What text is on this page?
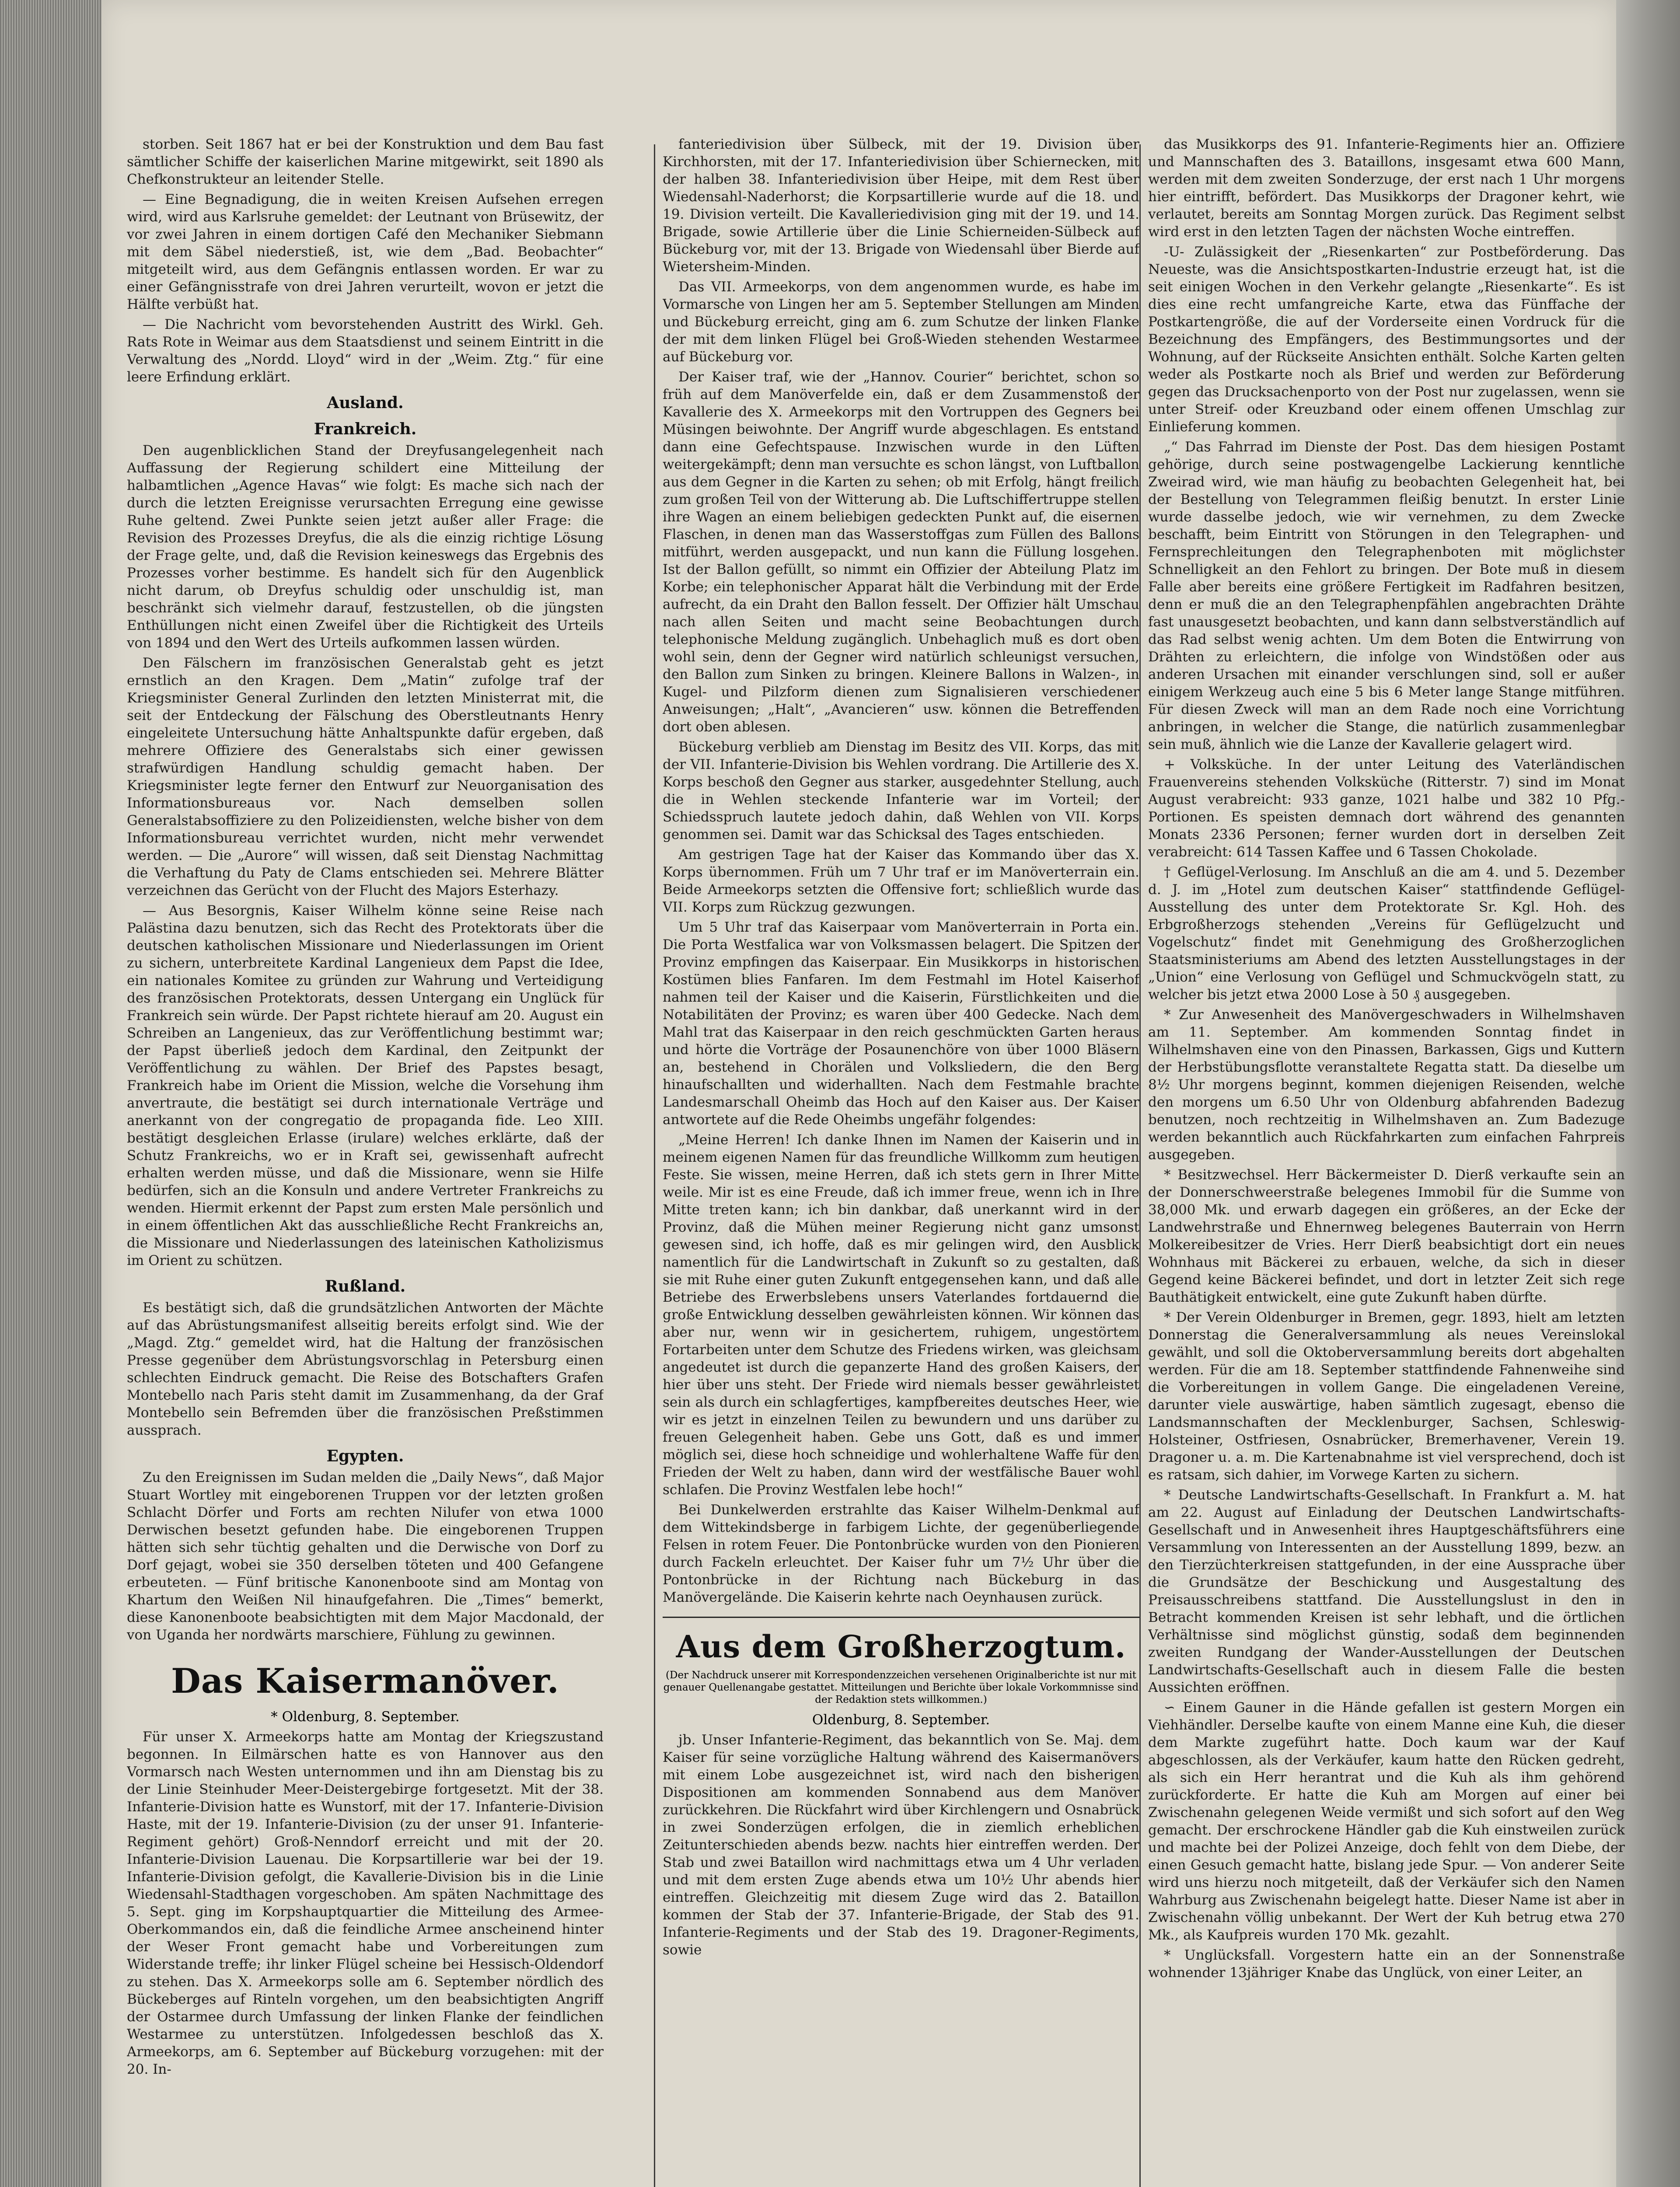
storben. Seit 1867 hat er bei der Konstruktion und dem Bau fast sämtlicher Schiffe der kaiserlichen Marine mitgewirkt, seit 1890 als Chefkonstrukteur an leitender Stelle.

— Eine Begnadigung, die in weiten Kreisen Aufsehen erregen wird, wird aus Karlsruhe gemeldet: der Leutnant von Brüsewitz, der vor zwei Jahren in einem dortigen Café den Mechaniker Siebmann mit dem Säbel niederstieß, ist, wie dem „Bad. Beobachter“ mitgeteilt wird, aus dem Gefängnis entlassen worden. Er war zu einer Gefängnisstrafe von drei Jahren verurteilt, wovon er jetzt die Hälfte verbüßt hat.

— Die Nachricht vom bevorstehenden Austritt des Wirkl. Geh. Rats Rote in Weimar aus dem Staatsdienst und seinem Eintritt in die Verwaltung des „Nordd. Lloyd“ wird in der „Weim. Ztg.“ für eine leere Erfindung erklärt.

Ausland.
Frankreich.

Den augenblicklichen Stand der Dreyfusangelegenheit nach Auffassung der Regierung schildert eine Mitteilung der halbamtlichen „Agence Havas“ wie folgt: Es mache sich nach der durch die letzten Ereignisse verursachten Erregung eine gewisse Ruhe geltend. Zwei Punkte seien jetzt außer aller Frage: die Revision des Prozesses Dreyfus, die als die einzig richtige Lösung der Frage gelte, und, daß die Revision keineswegs das Ergebnis des Prozesses vorher bestimme. Es handelt sich für den Augenblick nicht darum, ob Dreyfus schuldig oder unschuldig ist, man beschränkt sich vielmehr darauf, festzustellen, ob die jüngsten Enthüllungen nicht einen Zweifel über die Richtigkeit des Urteils von 1894 und den Wert des Urteils aufkommen lassen würden.

Den Fälschern im französischen Generalstab geht es jetzt ernstlich an den Kragen. Dem „Matin“ zufolge traf der Kriegsminister General Zurlinden den letzten Ministerrat mit, die seit der Entdeckung der Fälschung des Oberstleutnants Henry eingeleitete Untersuchung hätte Anhaltspunkte dafür ergeben, daß mehrere Offiziere des Generalstabs sich einer gewissen strafwürdigen Handlung schuldig gemacht haben. Der Kriegsminister legte ferner den Entwurf zur Neuorganisation des Informationsbureaus vor. Nach demselben sollen Generalstabsoffiziere zu den Polizeidiensten, welche bisher von dem Informationsbureau verrichtet wurden, nicht mehr verwendet werden. — Die „Aurore“ will wissen, daß seit Dienstag Nachmittag die Verhaftung du Paty de Clams entschieden sei. Mehrere Blätter verzeichnen das Gerücht von der Flucht des Majors Esterhazy.

— Aus Besorgnis, Kaiser Wilhelm könne seine Reise nach Palästina dazu benutzen, sich das Recht des Protektorats über die deutschen katholischen Missionare und Niederlassungen im Orient zu sichern, unterbreitete Kardinal Langenieux dem Papst die Idee, ein nationales Komitee zu gründen zur Wahrung und Verteidigung des französischen Protektorats, dessen Untergang ein Unglück für Frankreich sein würde. Der Papst richtete hierauf am 20. August ein Schreiben an Langenieux, das zur Veröffentlichung bestimmt war; der Papst überließ jedoch dem Kardinal, den Zeitpunkt der Veröffentlichung zu wählen. Der Brief des Papstes besagt, Frankreich habe im Orient die Mission, welche die Vorsehung ihm anvertraute, die bestätigt sei durch internationale Verträge und anerkannt von der congregatio de propaganda fide. Leo XIII. bestätigt desgleichen Erlasse (irulare) welches erklärte, daß der Schutz Frankreichs, wo er in Kraft sei, gewissenhaft aufrecht erhalten werden müsse, und daß die Missionare, wenn sie Hilfe bedürfen, sich an die Konsuln und andere Vertreter Frankreichs zu wenden. Hiermit erkennt der Papst zum ersten Male persönlich und in einem öffentlichen Akt das ausschließliche Recht Frankreichs an, die Missionare und Niederlassungen des lateinischen Katholizismus im Orient zu schützen.

Rußland.

Es bestätigt sich, daß die grundsätzlichen Antworten der Mächte auf das Abrüstungsmanifest allseitig bereits erfolgt sind. Wie der „Magd. Ztg.“ gemeldet wird, hat die Haltung der französischen Presse gegenüber dem Abrüstungsvorschlag in Petersburg einen schlechten Eindruck gemacht. Die Reise des Botschafters Grafen Montebello nach Paris steht damit im Zusammenhang, da der Graf Montebello sein Befremden über die französischen Preßstimmen aussprach.

Egypten.

Zu den Ereignissen im Sudan melden die „Daily News“, daß Major Stuart Wortley mit eingeborenen Truppen vor der letzten großen Schlacht Dörfer und Forts am rechten Nilufer von etwa 1000 Derwischen besetzt gefunden habe. Die eingeborenen Truppen hätten sich sehr tüchtig gehalten und die Derwische von Dorf zu Dorf gejagt, wobei sie 350 derselben töteten und 400 Gefangene erbeuteten. — Fünf britische Kanonenboote sind am Montag von Khartum den Weißen Nil hinaufgefahren. Die „Times“ bemerkt, diese Kanonenboote beabsichtigten mit dem Major Macdonald, der von Uganda her nordwärts marschiere, Fühlung zu gewinnen.

Das Kaisermanöver.
* Oldenburg, 8. September.

Für unser X. Armeekorps hatte am Montag der Kriegszustand begonnen. In Eilmärschen hatte es von Hannover aus den Vormarsch nach Westen unternommen und ihn am Dienstag bis zu der Linie Steinhuder Meer-Deistergebirge fortgesetzt. Mit der 38. Infanterie-Division hatte es Wunstorf, mit der 17. Infanterie-Division Haste, mit der 19. Infanterie-Division (zu der unser 91. Infanterie-Regiment gehört) Groß-Nenndorf erreicht und mit der 20. Infanterie-Division Lauenau. Die Korpsartillerie war bei der 19. Infanterie-Division gefolgt, die Kavallerie-Division bis in die Linie Wiedensahl-Stadthagen vorgeschoben. Am späten Nachmittage des 5. Sept. ging im Korpshauptquartier die Mitteilung des Armee-Oberkommandos ein, daß die feindliche Armee anscheinend hinter der Weser Front gemacht habe und Vorbereitungen zum Widerstande treffe; ihr linker Flügel scheine bei Hessisch-Oldendorf zu stehen. Das X. Armeekorps solle am 6. September nördlich des Bückeberges auf Rinteln vorgehen, um den beabsichtigten Angriff der Ostarmee durch Umfassung der linken Flanke der feindlichen Westarmee zu unterstützen. Infolgedessen beschloß das X. Armeekorps, am 6. September auf Bückeburg vorzugehen: mit der 20. In-

fanteriedivision über Sülbeck, mit der 19. Division über Kirchhorsten, mit der 17. Infanteriedivision über Schiernecken, mit der halben 38. Infanteriedivision über Heipe, mit dem Rest über Wiedensahl-Naderhorst; die Korpsartillerie wurde auf die 18. und 19. Division verteilt. Die Kavalleriedivision ging mit der 19. und 14. Brigade, sowie Artillerie über die Linie Schierneiden-Sülbeck auf Bückeburg vor, mit der 13. Brigade von Wiedensahl über Bierde auf Wietersheim-Minden.

Das VII. Armeekorps, von dem angenommen wurde, es habe im Vormarsche von Lingen her am 5. September Stellungen am Minden und Bückeburg erreicht, ging am 6. zum Schutze der linken Flanke der mit dem linken Flügel bei Groß-Wieden stehenden Westarmee auf Bückeburg vor.

Der Kaiser traf, wie der „Hannov. Courier“ berichtet, schon so früh auf dem Manöverfelde ein, daß er dem Zusammenstoß der Kavallerie des X. Armeekorps mit den Vortruppen des Gegners bei Müsingen beiwohnte. Der Angriff wurde abgeschlagen. Es entstand dann eine Gefechtspause. Inzwischen wurde in den Lüften weitergekämpft; denn man versuchte es schon längst, von Luftballon aus dem Gegner in die Karten zu sehen; ob mit Erfolg, hängt freilich zum großen Teil von der Witterung ab. Die Luftschiffertruppe stellen ihre Wagen an einem beliebigen gedeckten Punkt auf, die eisernen Flaschen, in denen man das Wasserstoffgas zum Füllen des Ballons mitführt, werden ausgepackt, und nun kann die Füllung losgehen. Ist der Ballon gefüllt, so nimmt ein Offizier der Abteilung Platz im Korbe; ein telephonischer Apparat hält die Verbindung mit der Erde aufrecht, da ein Draht den Ballon fesselt. Der Offizier hält Umschau nach allen Seiten und macht seine Beobachtungen durch telephonische Meldung zugänglich. Unbehaglich muß es dort oben wohl sein, denn der Gegner wird natürlich schleunigst versuchen, den Ballon zum Sinken zu bringen. Kleinere Ballons in Walzen-, in Kugel- und Pilzform dienen zum Signalisieren verschiedener Anweisungen; „Halt“, „Avancieren“ usw. können die Betreffenden dort oben ablesen.

Bückeburg verblieb am Dienstag im Besitz des VII. Korps, das mit der VII. Infanterie-Division bis Wehlen vordrang. Die Artillerie des X. Korps beschoß den Gegner aus starker, ausgedehnter Stellung, auch die in Wehlen steckende Infanterie war im Vorteil; der Schiedsspruch lautete jedoch dahin, daß Wehlen von VII. Korps genommen sei. Damit war das Schicksal des Tages entschieden.

Am gestrigen Tage hat der Kaiser das Kommando über das X. Korps übernommen. Früh um 7 Uhr traf er im Manöverterrain ein. Beide Armeekorps setzten die Offensive fort; schließlich wurde das VII. Korps zum Rückzug gezwungen.

Um 5 Uhr traf das Kaiserpaar vom Manöverterrain in Porta ein. Die Porta Westfalica war von Volksmassen belagert. Die Spitzen der Provinz empfingen das Kaiserpaar. Ein Musikkorps in historischen Kostümen blies Fanfaren. Im dem Festmahl im Hotel Kaiserhof nahmen teil der Kaiser und die Kaiserin, Fürstlichkeiten und die Notabilitäten der Provinz; es waren über 400 Gedecke. Nach dem Mahl trat das Kaiserpaar in den reich geschmückten Garten heraus und hörte die Vorträge der Posaunenchöre von über 1000 Bläsern an, bestehend in Chorälen und Volksliedern, die den Berg hinaufschallten und widerhallten. Nach dem Festmahle brachte Landesmarschall Oheimb das Hoch auf den Kaiser aus. Der Kaiser antwortete auf die Rede Oheimbs ungefähr folgendes:

„Meine Herren! Ich danke Ihnen im Namen der Kaiserin und in meinem eigenen Namen für das freundliche Willkomm zum heutigen Feste. Sie wissen, meine Herren, daß ich stets gern in Ihrer Mitte weile. Mir ist es eine Freude, daß ich immer freue, wenn ich in Ihre Mitte treten kann; ich bin dankbar, daß unerkannt wird in der Provinz, daß die Mühen meiner Regierung nicht ganz umsonst gewesen sind, ich hoffe, daß es mir gelingen wird, den Ausblick namentlich für die Landwirtschaft in Zukunft so zu gestalten, daß sie mit Ruhe einer guten Zukunft entgegensehen kann, und daß alle Betriebe des Erwerbslebens unsers Vaterlandes fortdauernd die große Entwicklung desselben gewährleisten können. Wir können das aber nur, wenn wir in gesichertem, ruhigem, ungestörtem Fortarbeiten unter dem Schutze des Friedens wirken, was gleichsam angedeutet ist durch die gepanzerte Hand des großen Kaisers, der hier über uns steht. Der Friede wird niemals besser gewährleistet sein als durch ein schlagfertiges, kampfbereites deutsches Heer, wie wir es jetzt in einzelnen Teilen zu bewundern und uns darüber zu freuen Gelegenheit haben. Gebe uns Gott, daß es und immer möglich sei, diese hoch schneidige und wohlerhaltene Waffe für den Frieden der Welt zu haben, dann wird der westfälische Bauer wohl schlafen. Die Provinz Westfalen lebe hoch!“

Bei Dunkelwerden erstrahlte das Kaiser Wilhelm-Denkmal auf dem Wittekindsberge in farbigem Lichte, der gegenüberliegende Felsen in rotem Feuer. Die Pontonbrücke wurden von den Pionieren durch Fackeln erleuchtet. Der Kaiser fuhr um 7½ Uhr über die Pontonbrücke in der Richtung nach Bückeburg in das Manövergelände. Die Kaiserin kehrte nach Oeynhausen zurück.

Aus dem Großherzogtum.
(Der Nachdruck unserer mit Korrespondenzzeichen versehenen Originalberichte ist nur mit genauer Quellenangabe gestattet. Mitteilungen und Berichte über lokale Vorkommnisse sind der Redaktion stets willkommen.)
Oldenburg, 8. September.

jb. Unser Infanterie-Regiment, das bekanntlich von Se. Maj. dem Kaiser für seine vorzügliche Haltung während des Kaisermanövers mit einem Lobe ausgezeichnet ist, wird nach den bisherigen Dispositionen am kommenden Sonnabend aus dem Manöver zurückkehren. Die Rückfahrt wird über Kirchlengern und Osnabrück in zwei Sonderzügen erfolgen, die in ziemlich erheblichen Zeitunterschieden abends bezw. nachts hier eintreffen werden. Der Stab und zwei Bataillon wird nachmittags etwa um 4 Uhr verladen und mit dem ersten Zuge abends etwa um 10½ Uhr abends hier eintreffen. Gleichzeitig mit diesem Zuge wird das 2. Bataillon kommen der Stab der 37. Infanterie-Brigade, der Stab des 91. Infanterie-Regiments und der Stab des 19. Dragoner-Regiments, sowie

das Musikkorps des 91. Infanterie-Regiments hier an. Offiziere und Mannschaften des 3. Bataillons, insgesamt etwa 600 Mann, werden mit dem zweiten Sonderzuge, der erst nach 1 Uhr morgens hier eintrifft, befördert. Das Musikkorps der Dragoner kehrt, wie verlautet, bereits am Sonntag Morgen zurück. Das Regiment selbst wird erst in den letzten Tagen der nächsten Woche eintreffen.

-U- Zulässigkeit der „Riesenkarten“ zur Postbeförderung. Das Neueste, was die Ansichtspostkarten-Industrie erzeugt hat, ist die seit einigen Wochen in den Verkehr gelangte „Riesenkarte“. Es ist dies eine recht umfangreiche Karte, etwa das Fünffache der Postkartengröße, die auf der Vorderseite einen Vordruck für die Bezeichnung des Empfängers, des Bestimmungsortes und der Wohnung, auf der Rückseite Ansichten enthält. Solche Karten gelten weder als Postkarte noch als Brief und werden zur Beförderung gegen das Drucksachenporto von der Post nur zugelassen, wenn sie unter Streif- oder Kreuzband oder einem offenen Umschlag zur Einlieferung kommen.

„“ Das Fahrrad im Dienste der Post. Das dem hiesigen Postamt gehörige, durch seine postwagengelbe Lackierung kenntliche Zweirad wird, wie man häufig zu beobachten Gelegenheit hat, bei der Bestellung von Telegrammen fleißig benutzt. In erster Linie wurde dasselbe jedoch, wie wir vernehmen, zu dem Zwecke beschafft, beim Eintritt von Störungen in den Telegraphen- und Fernsprechleitungen den Telegraphenboten mit möglichster Schnelligkeit an den Fehlort zu bringen. Der Bote muß in diesem Falle aber bereits eine größere Fertigkeit im Radfahren besitzen, denn er muß die an den Telegraphenpfählen angebrachten Drähte fast unausgesetzt beobachten, und kann dann selbstverständlich auf das Rad selbst wenig achten. Um dem Boten die Entwirrung von Drähten zu erleichtern, die infolge von Windstößen oder aus anderen Ursachen mit einander verschlungen sind, soll er außer einigem Werkzeug auch eine 5 bis 6 Meter lange Stange mitführen. Für diesen Zweck will man an dem Rade noch eine Vorrichtung anbringen, in welcher die Stange, die natürlich zusammenlegbar sein muß, ähnlich wie die Lanze der Kavallerie gelagert wird.

+ Volksküche. In der unter Leitung des Vaterländischen Frauenvereins stehenden Volksküche (Ritterstr. 7) sind im Monat August verabreicht: 933 ganze, 1021 halbe und 382 10 Pfg.-Portionen. Es speisten demnach dort während des genannten Monats 2336 Personen; ferner wurden dort in derselben Zeit verabreicht: 614 Tassen Kaffee und 6 Tassen Chokolade.

† Geflügel-Verlosung. Im Anschluß an die am 4. und 5. Dezember d. J. im „Hotel zum deutschen Kaiser“ stattfindende Geflügel-Ausstellung des unter dem Protektorate Sr. Kgl. Hoh. des Erbgroßherzogs stehenden „Vereins für Geflügelzucht und Vogelschutz“ findet mit Genehmigung des Großherzoglichen Staatsministeriums am Abend des letzten Ausstellungstages in der „Union“ eine Verlosung von Geflügel und Schmuckvögeln statt, zu welcher bis jetzt etwa 2000 Lose à 50 ₰ ausgegeben.

* Zur Anwesenheit des Manövergeschwaders in Wilhelmshaven am 11. September. Am kommenden Sonntag findet in Wilhelmshaven eine von den Pinassen, Barkassen, Gigs und Kuttern der Herbstübungsflotte veranstaltete Regatta statt. Da dieselbe um 8½ Uhr morgens beginnt, kommen diejenigen Reisenden, welche den morgens um 6.50 Uhr von Oldenburg abfahrenden Badezug benutzen, noch rechtzeitig in Wilhelmshaven an. Zum Badezuge werden bekanntlich auch Rückfahrkarten zum einfachen Fahrpreis ausgegeben.

* Besitzwechsel. Herr Bäckermeister D. Dierß verkaufte sein an der Donnerschweerstraße belegenes Immobil für die Summe von 38,000 Mk. und erwarb dagegen ein größeres, an der Ecke der Landwehrstraße und Ehnernweg belegenes Bauterrain von Herrn Molkereibesitzer de Vries. Herr Dierß beabsichtigt dort ein neues Wohnhaus mit Bäckerei zu erbauen, welche, da sich in dieser Gegend keine Bäckerei befindet, und dort in letzter Zeit sich rege Bauthätigkeit entwickelt, eine gute Zukunft haben dürfte.

* Der Verein Oldenburger in Bremen, gegr. 1893, hielt am letzten Donnerstag die Generalversammlung als neues Vereinslokal gewählt, und soll die Oktoberversammlung bereits dort abgehalten werden. Für die am 18. September stattfindende Fahnenweihe sind die Vorbereitungen in vollem Gange. Die eingeladenen Vereine, darunter viele auswärtige, haben sämtlich zugesagt, ebenso die Landsmannschaften der Mecklenburger, Sachsen, Schleswig-Holsteiner, Ostfriesen, Osnabrücker, Bremerhavener, Verein 19. Dragoner u. a. m. Die Kartenabnahme ist viel versprechend, doch ist es ratsam, sich dahier, im Vorwege Karten zu sichern.

* Deutsche Landwirtschafts-Gesellschaft. In Frankfurt a. M. hat am 22. August auf Einladung der Deutschen Landwirtschafts-Gesellschaft und in Anwesenheit ihres Hauptgeschäftsführers eine Versammlung von Interessenten an der Ausstellung 1899, bezw. an den Tierzüchterkreisen stattgefunden, in der eine Aussprache über die Grundsätze der Beschickung und Ausgestaltung des Preisausschreibens stattfand. Die Ausstellungslust in den in Betracht kommenden Kreisen ist sehr lebhaft, und die örtlichen Verhältnisse sind möglichst günstig, sodaß dem beginnenden zweiten Rundgang der Wander-Ausstellungen der Deutschen Landwirtschafts-Gesellschaft auch in diesem Falle die besten Aussichten eröffnen.

∽ Einem Gauner in die Hände gefallen ist gestern Morgen ein Viehhändler. Derselbe kaufte von einem Manne eine Kuh, die dieser dem Markte zugeführt hatte. Doch kaum war der Kauf abgeschlossen, als der Verkäufer, kaum hatte den Rücken gedreht, als sich ein Herr herantrat und die Kuh als ihm gehörend zurückforderte. Er hatte die Kuh am Morgen auf einer bei Zwischenahn gelegenen Weide vermißt und sich sofort auf den Weg gemacht. Der erschrockene Händler gab die Kuh einstweilen zurück und machte bei der Polizei Anzeige, doch fehlt von dem Diebe, der einen Gesuch gemacht hatte, bislang jede Spur. — Von anderer Seite wird uns hierzu noch mitgeteilt, daß der Verkäufer sich den Namen Wahrburg aus Zwischenahn beigelegt hatte. Dieser Name ist aber in Zwischenahn völlig unbekannt. Der Wert der Kuh betrug etwa 270 Mk., als Kaufpreis wurden 170 Mk. gezahlt.

* Unglücksfall. Vorgestern hatte ein an der Sonnenstraße wohnender 13jähriger Knabe das Unglück, von einer Leiter, an
